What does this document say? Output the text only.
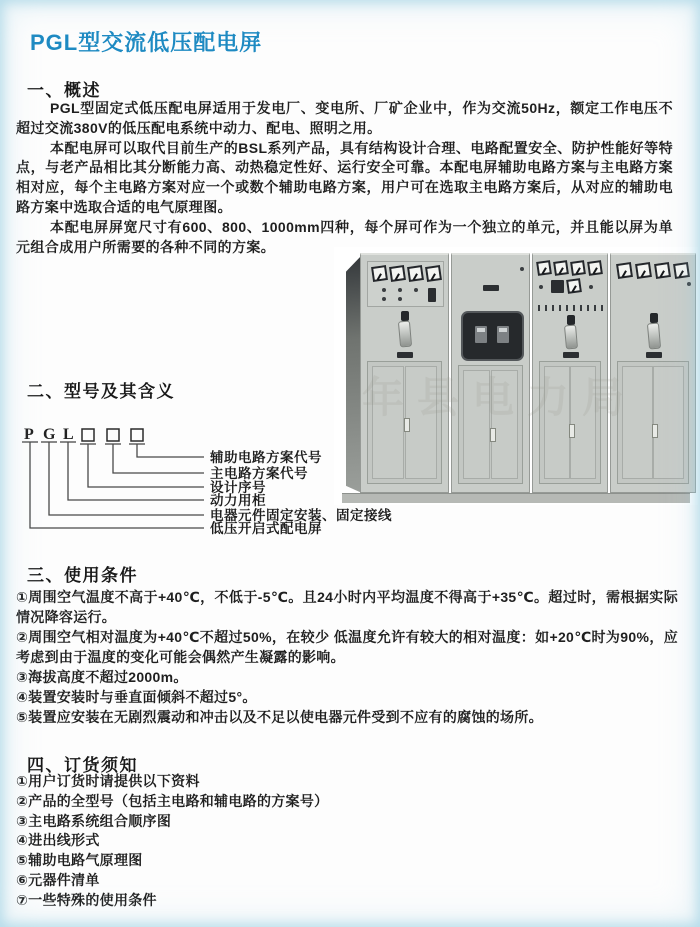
PGL型交流低压配电屏
一、概述

PGL型固定式低压配电屏适用于发电厂、变电所、厂矿企业中，作为交流50Hz，额定工作电压不超过交流380V的低压配电系统中动力、配电、照明之用。

本配电屏可以取代目前生产的BSL系列产品，具有结构设计合理、电路配置安全、防护性能好等特点，与老产品相比其分断能力高、动热稳定性好、运行安全可靠。本配电屏辅助电路方案与主电路方案相对应，每个主电路方案对应一个或数个辅助电路方案，用户可在选取主电路方案后，从对应的辅助电路方案中选取合适的电气原理图。

本配电屏屏宽尺寸有600、800、1000mm四种，每个屏可作为一个独立的单元，并且能以屏为单元组合成用户所需要的各种不同的方案。

年县电力局
二、型号及其含义
P G L
辅助电路方案代号
主电路方案代号
设计序号
动力用柜
电器元件固定安装、固定接线
低压开启式配电屏
三、使用条件

①周围空气温度不高于+40℃，不低于-5℃。且24小时内平均温度不得高于+35℃。超过时，需根据实际情况降容运行。

②周围空气相对温度为+40℃不超过50%，在较少 低温度允许有较大的相对温度：如+20℃时为90%，应考虑到由于温度的变化可能会偶然产生凝露的影响。

③海拔高度不超过2000m。

④装置安装时与垂直面倾斜不超过5°。

⑤装置应安装在无剧烈震动和冲击以及不足以使电器元件受到不应有的腐蚀的场所。

四、订货须知

①用户订货时请提供以下资料

②产品的全型号（包括主电路和辅电路的方案号）

③主电路系统组合顺序图

④进出线形式

⑤辅助电路气原理图

⑥元器件清单

⑦一些特殊的使用条件
